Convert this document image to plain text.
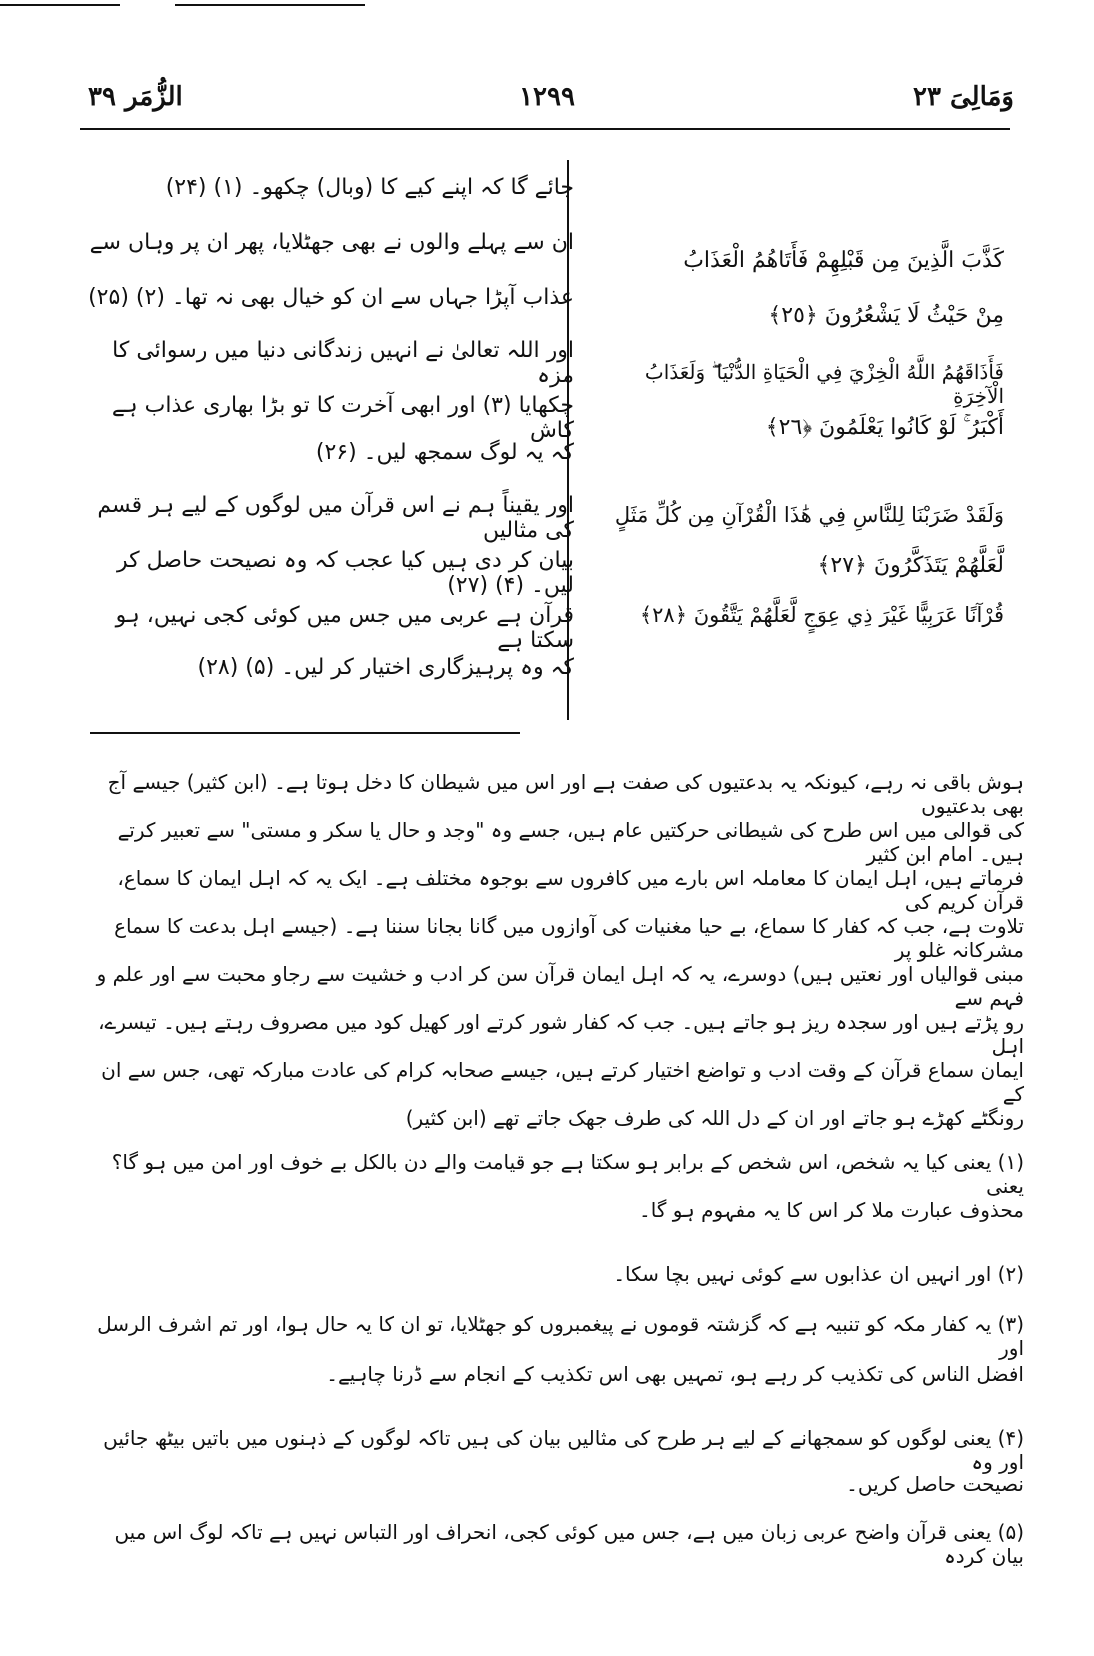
وَمَالِیَ ۲۳
۱۲۹۹
الزُّمَر ۳۹
جائے گا کہ اپنے کیے کا (وبال) چکھو۔ (۱) (۲۴)
ان سے پہلے والوں نے بھی جھٹلایا، پھر ان پر وہاں سے
عذاب آپڑا جہاں سے ان کو خیال بھی نہ تھا۔ (۲) (۲۵)
اور اللہ تعالیٰ نے انہیں زندگانی دنیا میں رسوائی کا مزہ
چکھایا (۳) اور ابھی آخرت کا تو بڑا بھاری عذاب ہے کاش
کہ یہ لوگ سمجھ لیں۔ (۲۶)
اور یقیناً ہم نے اس قرآن میں لوگوں کے لیے ہر قسم کی مثالیں
بیان کر دی ہیں کیا عجب کہ وہ نصیحت حاصل کر لیں۔ (۴) (۲۷)
قرآن ہے عربی میں جس میں کوئی کجی نہیں، ہو سکتا ہے
کہ وہ پرہیزگاری اختیار کر لیں۔ (۵) (۲۸)
كَذَّبَ الَّذِينَ مِن قَبْلِهِمْ فَأَتَاهُمُ الْعَذَابُ
مِنْ حَيْثُ لَا يَشْعُرُونَ ﴿٢٥﴾
فَأَذَاقَهُمُ اللَّهُ الْخِزْيَ فِي الْحَيَاةِ الدُّنْيَا ۖ وَلَعَذَابُ الْآخِرَةِ
أَكْبَرُ ۚ لَوْ كَانُوا يَعْلَمُونَ ﴿٢٦﴾
وَلَقَدْ ضَرَبْنَا لِلنَّاسِ فِي هَٰذَا الْقُرْآنِ مِن كُلِّ مَثَلٍ
لَّعَلَّهُمْ يَتَذَكَّرُونَ ﴿٢٧﴾
قُرْآنًا عَرَبِيًّا غَيْرَ ذِي عِوَجٍ لَّعَلَّهُمْ يَتَّقُونَ ﴿٢٨﴾
ہوش باقی نہ رہے، کیونکہ یہ بدعتیوں کی صفت ہے اور اس میں شیطان کا دخل ہوتا ہے۔ (ابن کثیر) جیسے آج بھی بدعتیوں
کی قوالی میں اس طرح کی شیطانی حرکتیں عام ہیں، جسے وہ "وجد و حال یا سکر و مستی" سے تعبیر کرتے ہیں۔ امام ابن کثیر
فرماتے ہیں، اہل ایمان کا معاملہ اس بارے میں کافروں سے بوجوہ مختلف ہے۔ ایک یہ کہ اہل ایمان کا سماع، قرآن کریم کی
تلاوت ہے، جب کہ کفار کا سماع، بے حیا مغنیات کی آوازوں میں گانا بجانا سننا ہے۔ (جیسے اہل بدعت کا سماع مشرکانہ غلو پر
مبنی قوالیاں اور نعتیں ہیں) دوسرے، یہ کہ اہل ایمان قرآن سن کر ادب و خشیت سے رجاو محبت سے اور علم و فہم سے
رو پڑتے ہیں اور سجدہ ریز ہو جاتے ہیں۔ جب کہ کفار شور کرتے اور کھیل کود میں مصروف رہتے ہیں۔ تیسرے، اہل
ایمان سماع قرآن کے وقت ادب و تواضع اختیار کرتے ہیں، جیسے صحابہ کرام کی عادت مبارکہ تھی، جس سے ان کے
رونگٹے کھڑے ہو جاتے اور ان کے دل اللہ کی طرف جھک جاتے تھے (ابن کثیر)
(۱) یعنی کیا یہ شخص، اس شخص کے برابر ہو سکتا ہے جو قیامت والے دن بالکل بے خوف اور امن میں ہو گا؟ یعنی
محذوف عبارت ملا کر اس کا یہ مفہوم ہو گا۔
(۲) اور انہیں ان عذابوں سے کوئی نہیں بچا سکا۔
(۳) یہ کفار مکہ کو تنبیہ ہے کہ گزشتہ قوموں نے پیغمبروں کو جھٹلایا، تو ان کا یہ حال ہوا، اور تم اشرف الرسل اور
افضل الناس کی تکذیب کر رہے ہو، تمہیں بھی اس تکذیب کے انجام سے ڈرنا چاہیے۔
(۴) یعنی لوگوں کو سمجھانے کے لیے ہر طرح کی مثالیں بیان کی ہیں تاکہ لوگوں کے ذہنوں میں باتیں بیٹھ جائیں اور وہ
نصیحت حاصل کریں۔
(۵) یعنی قرآن واضح عربی زبان میں ہے، جس میں کوئی کجی، انحراف اور التباس نہیں ہے تاکہ لوگ اس میں بیان کردہ
